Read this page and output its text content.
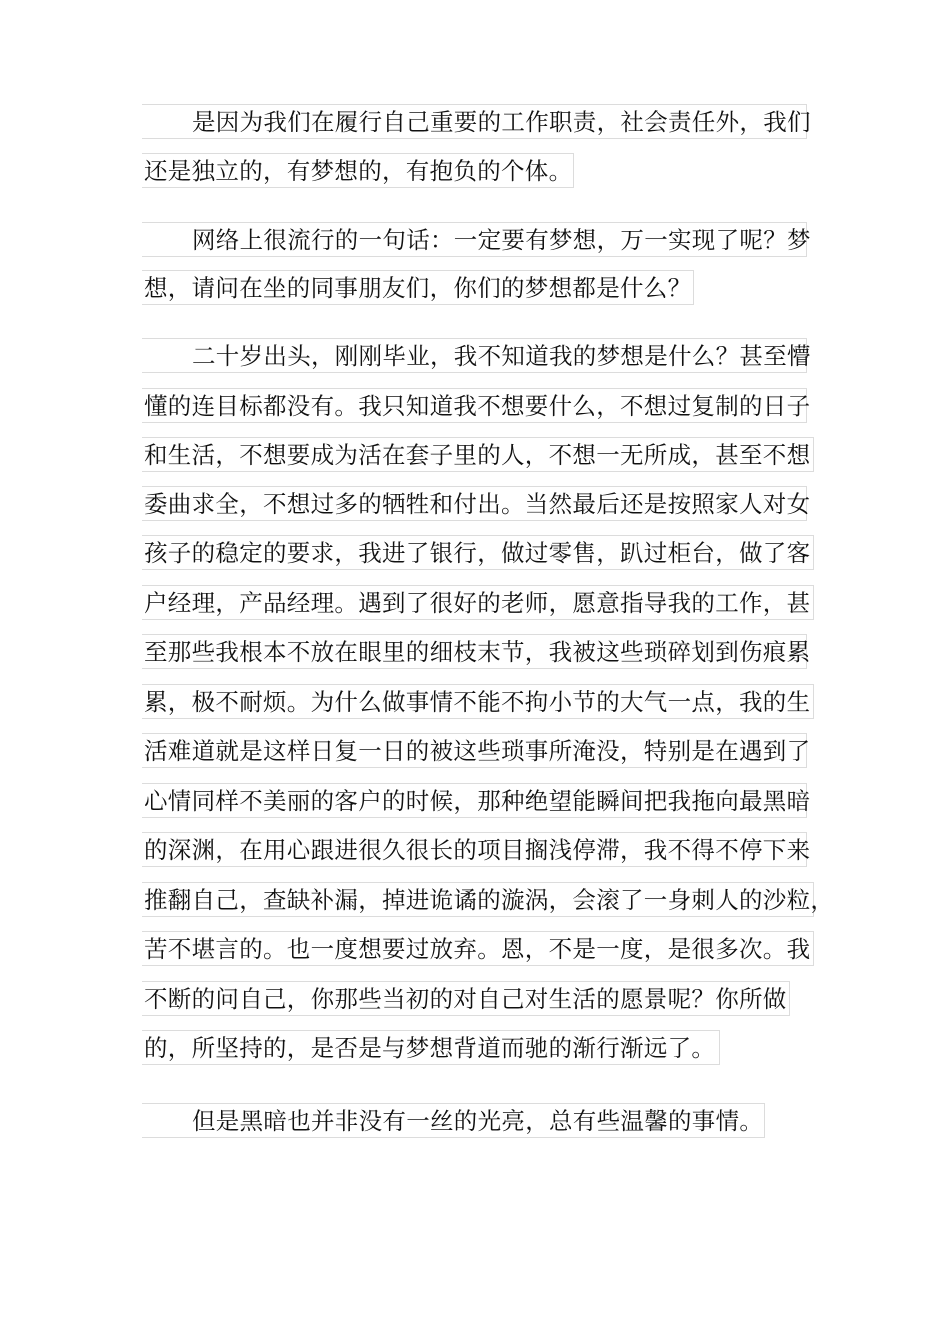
是因为我们在履行自己重要的工作职责，社会责任外，我们
还是独立的，有梦想的，有抱负的个体。
网络上很流行的一句话：一定要有梦想，万一实现了呢？梦
想，请问在坐的同事朋友们，你们的梦想都是什么？
二十岁出头，刚刚毕业，我不知道我的梦想是什么？甚至懵
懂的连目标都没有。我只知道我不想要什么，不想过复制的日子
和生活，不想要成为活在套子里的人，不想一无所成，甚至不想
委曲求全，不想过多的牺牲和付出。当然最后还是按照家人对女
孩子的稳定的要求，我进了银行，做过零售，趴过柜台，做了客
户经理，产品经理。遇到了很好的老师，愿意指导我的工作，甚
至那些我根本不放在眼里的细枝末节，我被这些琐碎划到伤痕累
累，极不耐烦。为什么做事情不能不拘小节的大气一点，我的生
活难道就是这样日复一日的被这些琐事所淹没，特别是在遇到了
心情同样不美丽的客户的时候，那种绝望能瞬间把我拖向最黑暗
的深渊，在用心跟进很久很长的项目搁浅停滞，我不得不停下来
推翻自己，查缺补漏，掉进诡谲的漩涡，会滚了一身刺人的沙粒，
苦不堪言的。也一度想要过放弃。恩，不是一度，是很多次。我
不断的问自己，你那些当初的对自己对生活的愿景呢？你所做
的，所坚持的，是否是与梦想背道而驰的渐行渐远了。
但是黑暗也并非没有一丝的光亮，总有些温馨的事情。
